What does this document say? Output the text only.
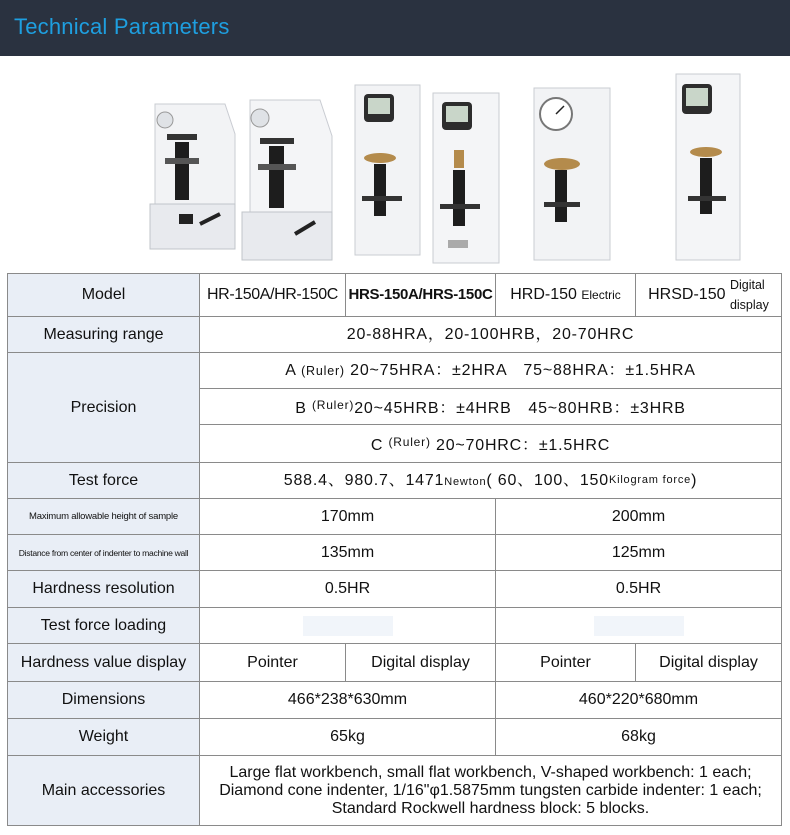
Technical Parameters
Model	HR-150A/HR-150C	HRS-150A/HRS-150C	HRD-150 Electric	HRSD-150 Digital
display
Measuring range	20-88HRA，20-100HRB，20-70HRC			
Precision	A (Ruler) 20~75HRA：±2HRA　75~88HRA：±1.5HRA			
	B $^{(Ruler)}$20~45HRB：±4HRB　45~80HRB：±3HRB			
	C $^{(Ruler)}$ 20~70HRC：±1.5HRC			
Test force	588.4、980.7、1471Newton( 60、100、150Kilogram force)			
Maximum allowable height of sample	170mm		200mm	
Distance from center of indenter to machine wall	135mm		125mm	
Hardness resolution	0.5HR		0.5HR	
Test force loading				
Hardness value display	Pointer	Digital display	Pointer	Digital display
Dimensions	466*238*630mm		460*220*680mm	
Weight	65kg		68kg	
Main accessories	Large flat workbench, small flat workbench, V-shaped workbench: 1 each;
Diamond cone indenter, 1/16"φ1.5875mm tungsten carbide indenter: 1 each;
Standard Rockwell hardness block: 5 blocks.			
